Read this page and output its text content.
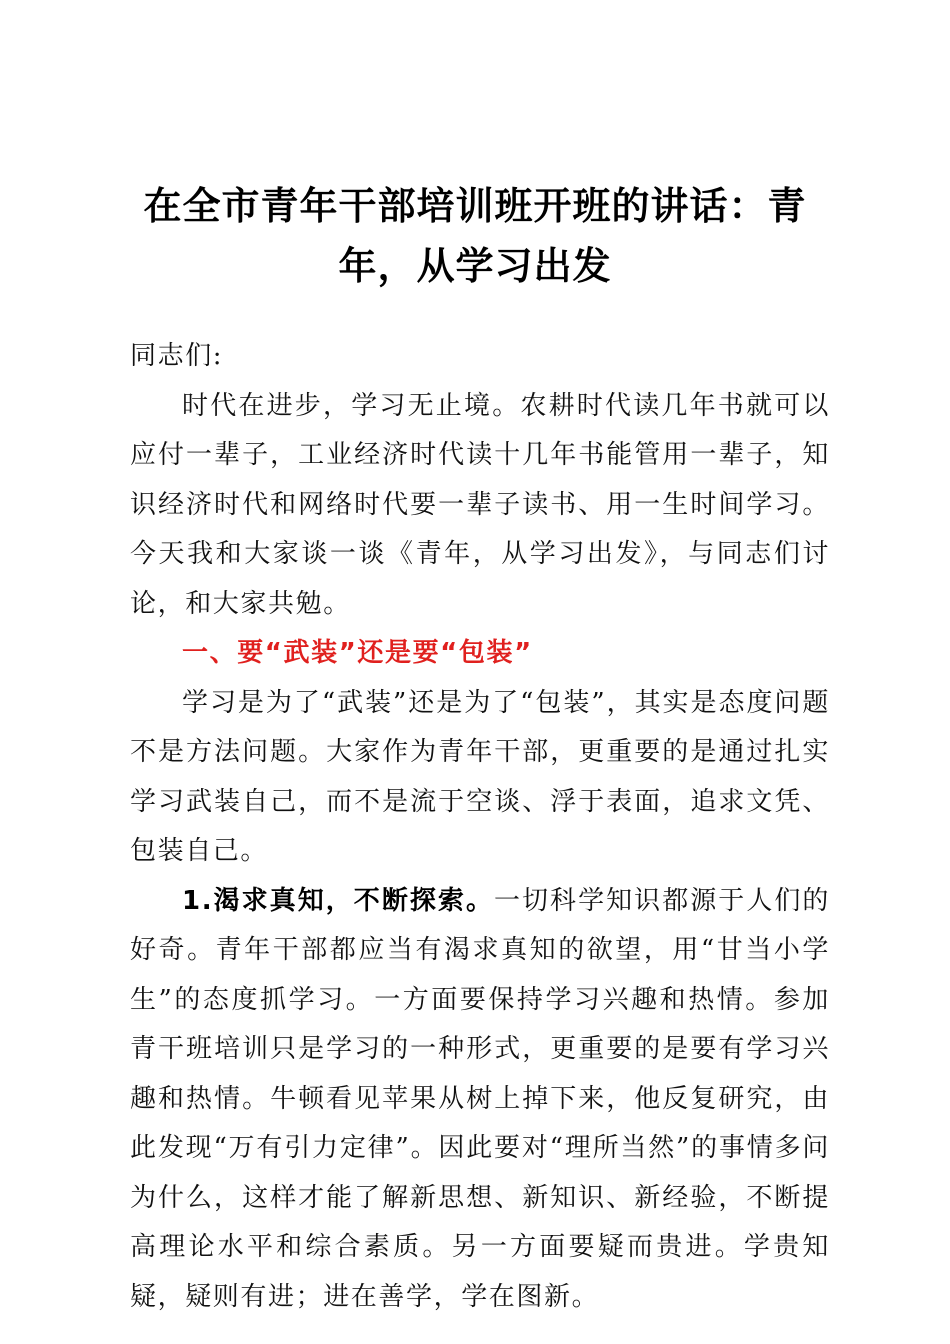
在全市青年干部培训班开班的讲话：青年，从学习出发

同志们:

时代在进步，学习无止境。农耕时代读几年书就可以应付一辈子，工业经济时代读十几年书能管用一辈子，知识经济时代和网络时代要一辈子读书、用一生时间学习。今天我和大家谈一谈《青年，从学习出发》，与同志们讨论，和大家共勉。

一、要“武装”还是要“包装”

学习是为了“武装”还是为了“包装”，其实是态度问题不是方法问题。大家作为青年干部，更重要的是通过扎实学习武装自己，而不是流于空谈、浮于表面，追求文凭、包装自己。

1.渴求真知，不断探索。一切科学知识都源于人们的好奇。青年干部都应当有渴求真知的欲望，用“甘当小学生”的态度抓学习。一方面要保持学习兴趣和热情。参加青干班培训只是学习的一种形式，更重要的是要有学习兴趣和热情。牛顿看见苹果从树上掉下来，他反复研究，由此发现“万有引力定律”。因此要对“理所当然”的事情多问为什么，这样才能了解新思想、新知识、新经验，不断提高理论水平和综合素质。另一方面要疑而贵进。学贵知疑，疑则有进；进在善学，学在图新。
